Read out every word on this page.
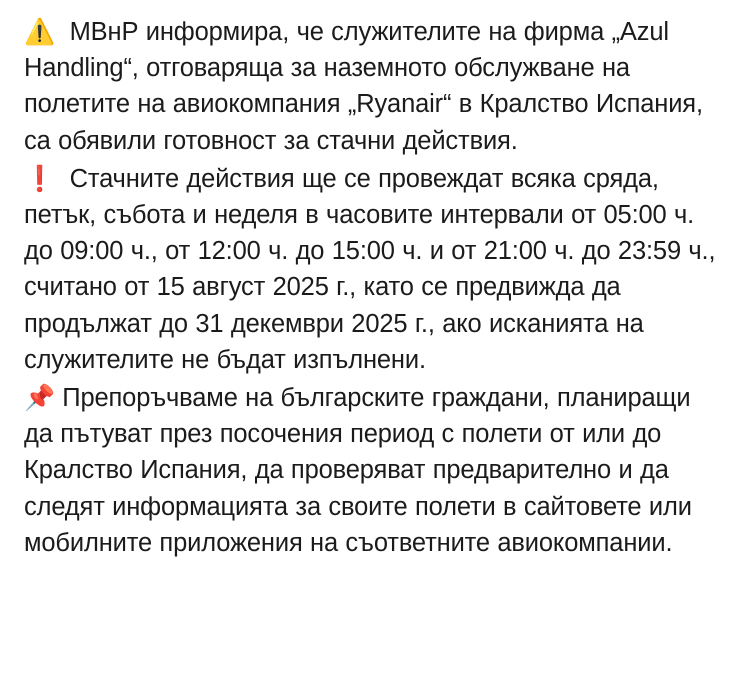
⚠️ МВнР информира, че служителите на фирма „Azul Handling“, отговаряща за наземното обслужване на полетите на авиокомпания „Ryanair“ в Кралство Испания, са обявили готовност за стачни действия.

❗ Стачните действия ще се провеждат всяка сряда, петък, събота и неделя в часовите интервали от 05:00 ч. до 09:00 ч., от 12:00 ч. до 15:00 ч. и от 21:00 ч. до 23:59 ч., считано от 15 август 2025 г., като се предвижда да продължат до 31 декември 2025 г., ако исканията на служителите не бъдат изпълнени.

📌 Препоръчваме на българските граждани, планиращи да пътуват през посочения период с полети от или до Кралство Испания, да проверяват предварително и да следят информацията за своите полети в сайтовете или мобилните приложения на съответните авиокомпании.
